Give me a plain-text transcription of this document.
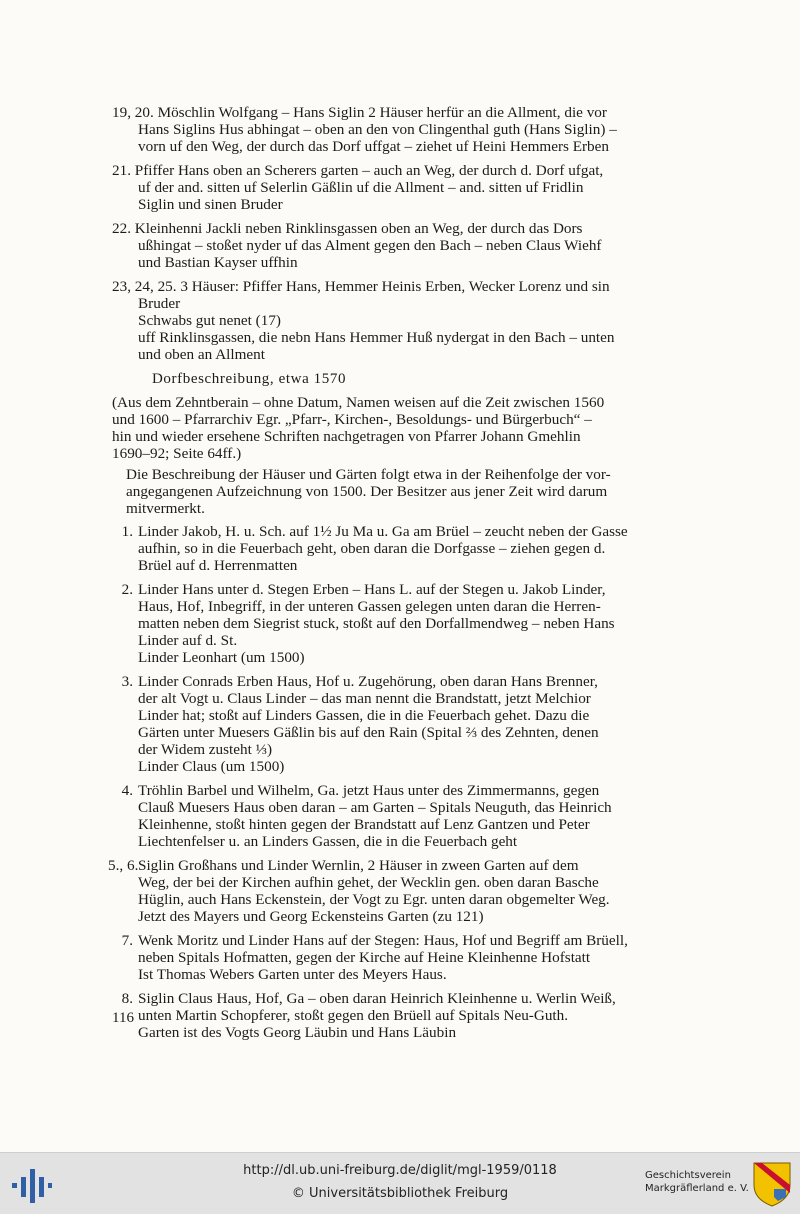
19, 20. Möschlin Wolfgang – Hans Siglin 2 Häuser herfür an die Allment, die vor
Hans Siglins Hus abhingat – oben an den von Clingenthal guth (Hans Siglin) –
vorn uf den Weg, der durch das Dorf uffgat – ziehet uf Heini Hemmers Erben
21. Pfiffer Hans oben an Scherers garten – auch an Weg, der durch d. Dorf ufgat,
uf der and. sitten uf Selerlin Gäßlin uf die Allment – and. sitten uf Fridlin
Siglin und sinen Bruder
22. Kleinhenni Jackli neben Rinklinsgassen oben an Weg, der durch das Dors
ußhingat – stoßet nyder uf das Alment gegen den Bach – neben Claus Wiehf
und Bastian Kayser uffhin
23, 24, 25. 3 Häuser: Pfiffer Hans, Hemmer Heinis Erben, Wecker Lorenz und sin
Bruder
Schwabs gut nenet (17)
uff Rinklinsgassen, die nebn Hans Hemmer Huß nydergat in den Bach – unten
und oben an Allment
Dorfbeschreibung, etwa 1570
(Aus dem Zehntberain – ohne Datum, Namen weisen auf die Zeit zwischen 1560
und 1600 – Pfarrarchiv Egr. „Pfarr-, Kirchen-, Besoldungs- und Bürgerbuch“ –
hin und wieder ersehene Schriften nachgetragen von Pfarrer Johann Gmehlin
1690–92; Seite 64ff.)
Die Beschreibung der Häuser und Gärten folgt etwa in der Reihenfolge der vor-
angegangenen Aufzeichnung von 1500. Der Besitzer aus jener Zeit wird darum
mitvermerkt.
1. Linder Jakob, H. u. Sch. auf 1½ Ju Ma u. Ga am Brüel – zeucht neben der Gasse
aufhin, so in die Feuerbach geht, oben daran die Dorfgasse – ziehen gegen d.
Brüel auf d. Herrenmatten
2. Linder Hans unter d. Stegen Erben – Hans L. auf der Stegen u. Jakob Linder,
Haus, Hof, Inbegriff, in der unteren Gassen gelegen unten daran die Herren-
matten neben dem Siegrist stuck, stoßt auf den Dorfallmendweg – neben Hans
Linder auf d. St.
Linder Leonhart (um 1500)
3. Linder Conrads Erben Haus, Hof u. Zugehörung, oben daran Hans Brenner,
der alt Vogt u. Claus Linder – das man nennt die Brandstatt, jetzt Melchior
Linder hat; stoßt auf Linders Gassen, die in die Feuerbach gehet. Dazu die
Gärten unter Muesers Gäßlin bis auf den Rain (Spital ⅔ des Zehnten, denen
der Widem zusteht ⅓)
Linder Claus (um 1500)
4. Tröhlin Barbel und Wilhelm, Ga. jetzt Haus unter des Zimmermanns, gegen
Clauß Muesers Haus oben daran – am Garten – Spitals Neuguth, das Heinrich
Kleinhenne, stoßt hinten gegen der Brandstatt auf Lenz Gantzen und Peter
Liechtenfelser u. an Linders Gassen, die in die Feuerbach geht
5., 6. Siglin Großhans und Linder Wernlin, 2 Häuser in zween Garten auf dem
Weg, der bei der Kirchen aufhin gehet, der Wecklin gen. oben daran Basche
Hüglin, auch Hans Eckenstein, der Vogt zu Egr. unten daran obgemelter Weg.
Jetzt des Mayers und Georg Eckensteins Garten (zu 121)
7. Wenk Moritz und Linder Hans auf der Stegen: Haus, Hof und Begriff am Brüell,
neben Spitals Hofmatten, gegen der Kirche auf Heine Kleinhenne Hofstatt
Ist Thomas Webers Garten unter des Meyers Haus.
8. Siglin Claus Haus, Hof, Ga – oben daran Heinrich Kleinhenne u. Werlin Weiß,
unten Martin Schopferer, stoßt gegen den Brüell auf Spitals Neu-Guth.
Garten ist des Vogts Georg Läubin und Hans Läubin
116
http://dl.ub.uni-freiburg.de/diglit/mgl-1959/0118
© Universitätsbibliothek Freiburg
Geschichtsverein
Markgräflerland e. V.
